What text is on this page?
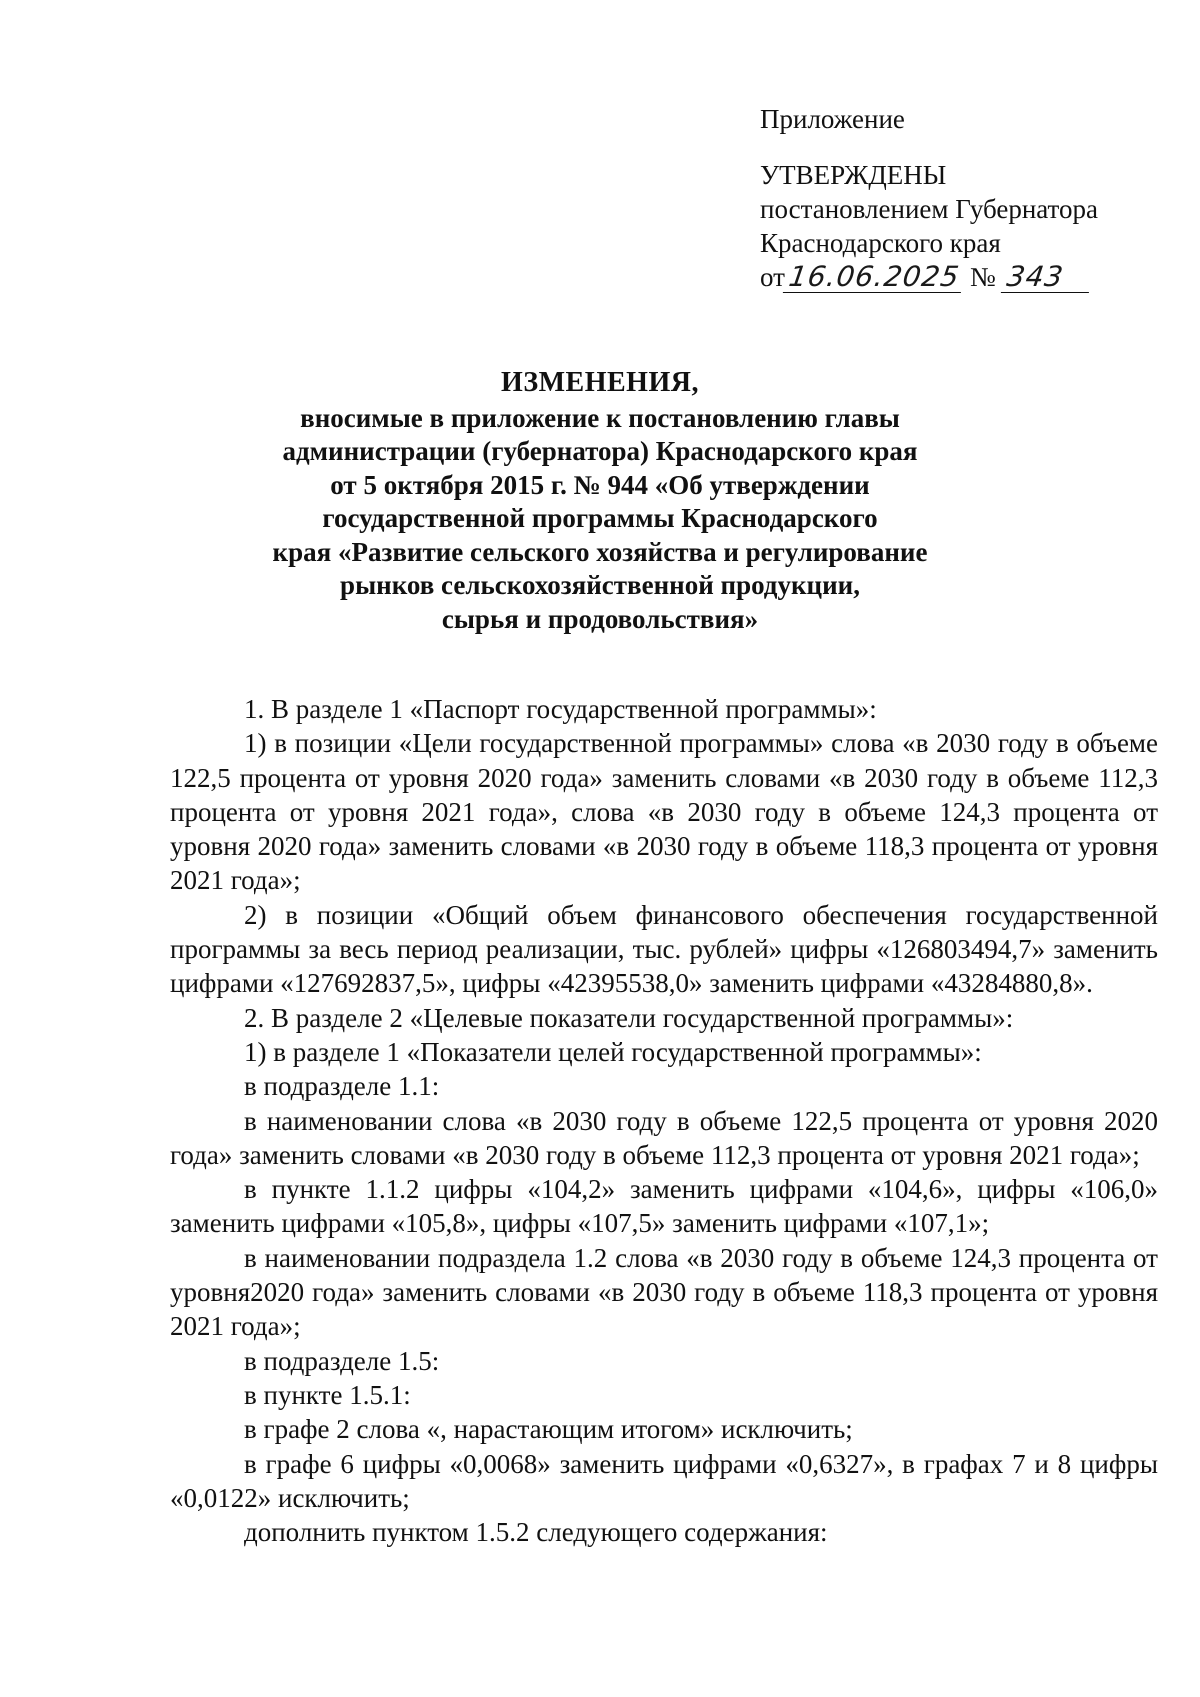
Приложение

УТВЕРЖДЕНЫ

постановлением Губернатора

Краснодарского края

от16.06.2025 № 343

ИЗМЕНЕНИЯ,

вносимые в приложение к постановлению главы

администрации (губернатора) Краснодарского края

от 5 октября 2015 г. № 944 «Об утверждении

государственной программы Краснодарского

края «Развитие сельского хозяйства и регулирование

рынков сельскохозяйственной продукции,

сырья и продовольствия»

1. В разделе 1 «Паспорт государственной программы»:

1) в позиции «Цели государственной программы» слова «в 2030 году в объеме 122,5 процента от уровня 2020 года» заменить словами «в 2030 году в объеме 112,3 процента от уровня 2021 года», слова «в 2030 году в объеме 124,3 процента от уровня 2020 года» заменить словами «в 2030 году в объеме 118,3 процента от уровня 2021 года»;

2) в позиции «Общий объем финансового обеспечения государственной программы за весь период реализации, тыс. рублей» цифры «126803494,7» заменить цифрами «127692837,5», цифры «42395538,0» заменить цифрами «43284880,8».

2. В разделе 2 «Целевые показатели государственной программы»:

1) в разделе 1 «Показатели целей государственной программы»:

в подразделе 1.1:

в наименовании слова «в 2030 году в объеме 122,5 процента от уровня 2020 года» заменить словами «в 2030 году в объеме 112,3 процента от уровня 2021 года»;

в пункте 1.1.2 цифры «104,2» заменить цифрами «104,6», цифры «106,0» заменить цифрами «105,8», цифры «107,5» заменить цифрами «107,1»;

в наименовании подраздела 1.2 слова «в 2030 году в объеме 124,3 процента от уровня2020 года» заменить словами «в 2030 году в объеме 118,3 процента от уровня 2021 года»;

в подразделе 1.5:

в пункте 1.5.1:

в графе 2 слова «, нарастающим итогом» исключить;

в графе 6 цифры «0,0068» заменить цифрами «0,6327», в графах 7 и 8 цифры «0,0122» исключить;

дополнить пунктом 1.5.2 следующего содержания:
